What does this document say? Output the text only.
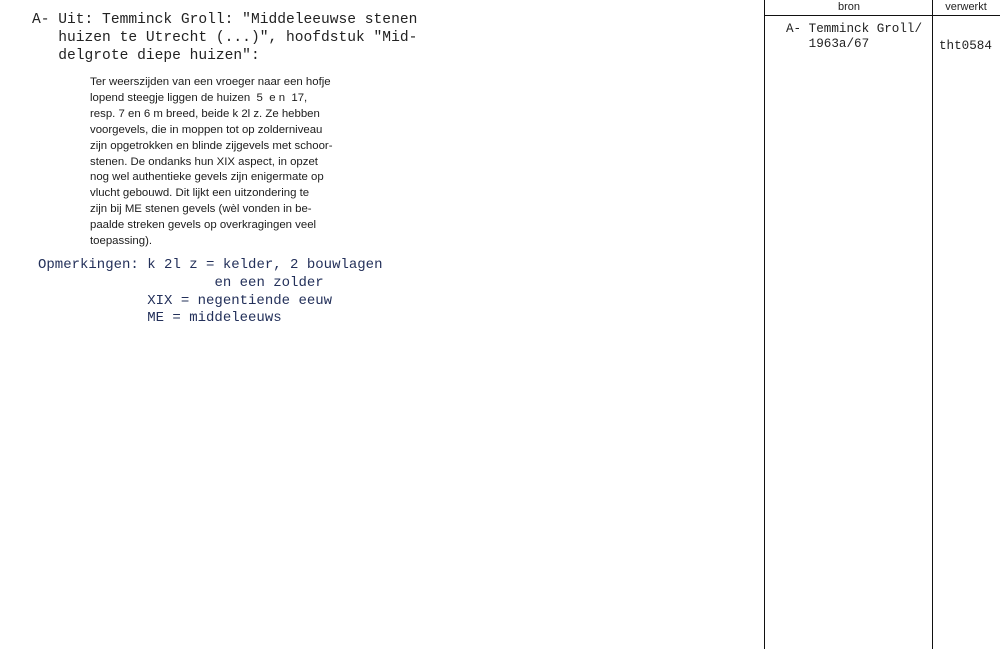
A- Uit: Temminck Groll: "Middeleeuwse stenen
huizen te Utrecht (...)", hoofdstuk "Mid-
delgrote diepe huizen":
Ter weerszijden van een vroeger naar een hofje
lopend steegje liggen de huizen  5  e n  17,
resp. 7 en 6 m breed, beide k 2l z. Ze hebben
voorgevels, die in moppen tot op zolderniveau
zijn opgetrokken en blinde zijgevels met schoor-
stenen. De ondanks hun XIX aspect, in opzet
nog wel authentieke gevels zijn enigermate op
vlucht gebouwd. Dit lijkt een uitzondering te
zijn bij ME stenen gevels (wèl vonden in be-
paalde streken gevels op overkragingen veel
toepassing).
Opmerkingen: k 2l z = kelder, 2 bouwlagen
en een zolder
XIX = negentiende eeuw
ME = middeleeuws
bron	verwerkt
A- Temminck Groll/
1963a/67	tht0584
